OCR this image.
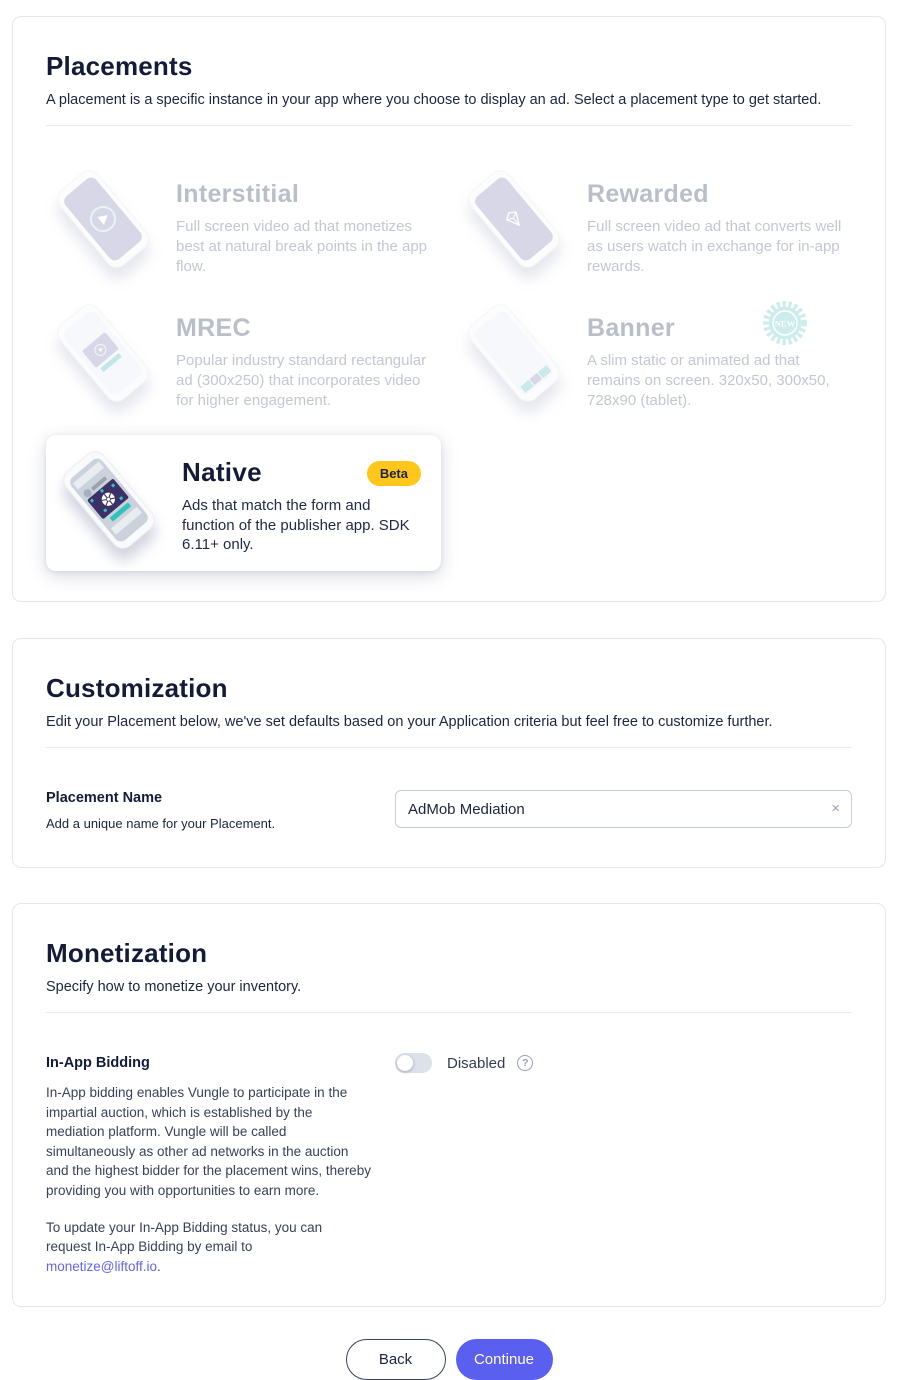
Placements

A placement is a specific instance in your app where you choose to display an ad. Select a placement type to get started.

Interstitial
Full screen video ad that monetizes best at natural break points in the app flow.
Rewarded
Full screen video ad that converts well as users watch in exchange for in-app rewards.
MREC
Popular industry standard rectangular ad (300x250) that incorporates video for higher engagement.
Banner
A slim static or animated ad that remains on screen. 320x50, 300x50, 728x90 (tablet).
NEW
Native
Ads that match the form and function of the publisher app. SDK 6.11+ only.
Beta
Customization

Edit your Placement below, we've set defaults based on your Application criteria but feel free to customize further.

Placement Name
Add a unique name for your Placement.
AdMob Mediation
×
Monetization

Specify how to monetize your inventory.

In-App Bidding

In-App bidding enables Vungle to participate in the impartial auction, which is established by the mediation platform. Vungle will be called simultaneously as other ad networks in the auction and the highest bidder for the placement wins, thereby providing you with opportunities to earn more.

To update your In-App Bidding status, you can request In-App Bidding by email to monetize@liftoff.io.

Disabled	?
Back	Continue
